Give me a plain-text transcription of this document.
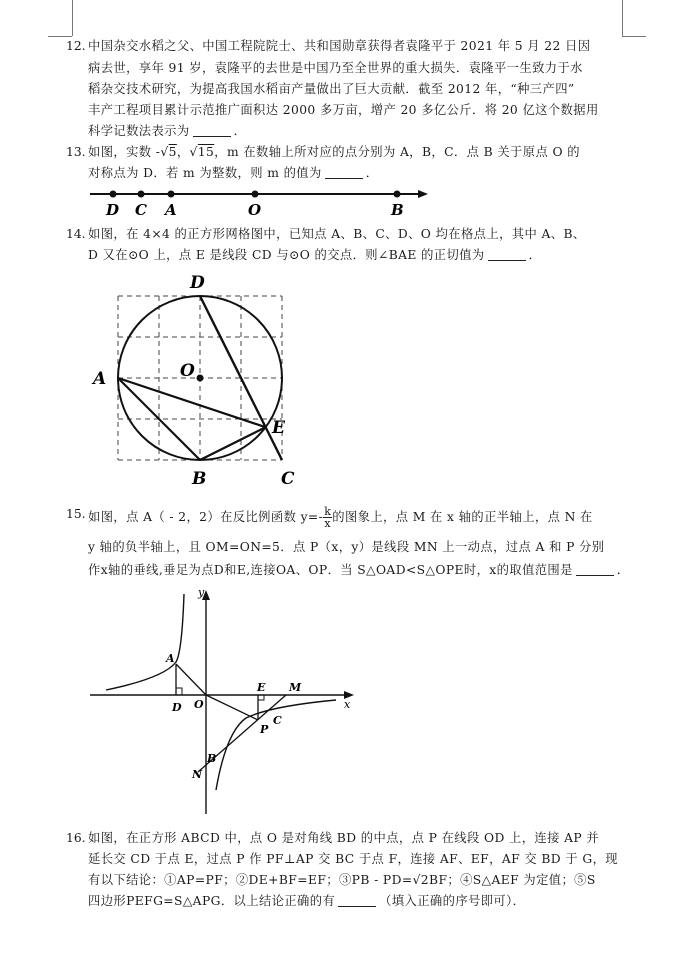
12. 中国杂交水稻之父、中国工程院院士、共和国勋章获得者袁隆平于 2021 年 5 月 22 日因
病去世，享年 91 岁，袁隆平的去世是中国乃至全世界的重大损失．袁隆平一生致力于水
稻杂交技术研究，为提高我国水稻亩产量做出了巨大贡献．截至 2012 年，“种三产四”
丰产工程项目累计示范推广面积达 2000 多万亩，增产 20 多亿公斤．将 20 亿这个数据用
科学记数法表示为	．
13. 如图，实数 -√5，√15，m 在数轴上所对应的点分别为 A，B，C．点 B 关于原点 O 的
对称点为 D．若 m 为整数，则 m 的值为	．
D C A	O	B
14. 如图，在 4×4 的正方形网格图中，已知点 A、B、C、D、O 均在格点上，其中 A、B、
D 又在⊙O 上，点 E 是线段 CD 与⊙O 的交点．则∠BAE 的正切值为	．
A
B	C
D
E
O
15. 如图，点 A（ - 2，2）在反比例函数 $y=- \frac{k}{x}$ 的图象上，点 M 在 x 轴的正半轴上，点 N 在
y 轴的负半轴上，且 OM=ON=5．点 P（x，y）是线段 MN 上一动点，过点 A 和 P 分别
作x轴的垂线,垂足为点D和E,连接OA、OP．当 S△OAD<S△OPE时，x的取值范围是	．
y
x
A
D O
E M
P
C
B
N
16. 如图，在正方形 ABCD 中，点 O 是对角线 BD 的中点，点 P 在线段 OD 上，连接 AP 并
延长交 CD 于点 E，过点 P 作 PF⊥AP 交 BC 于点 F，连接 AF、EF，AF 交 BD 于 G，现
有以下结论：①AP=PF；②DE+BF=EF；③PB - PD=√2BF；④S△AEF 为定值；⑤S
四边形PEFG=S△APG．以上结论正确的有	（填入正确的序号即可）．
